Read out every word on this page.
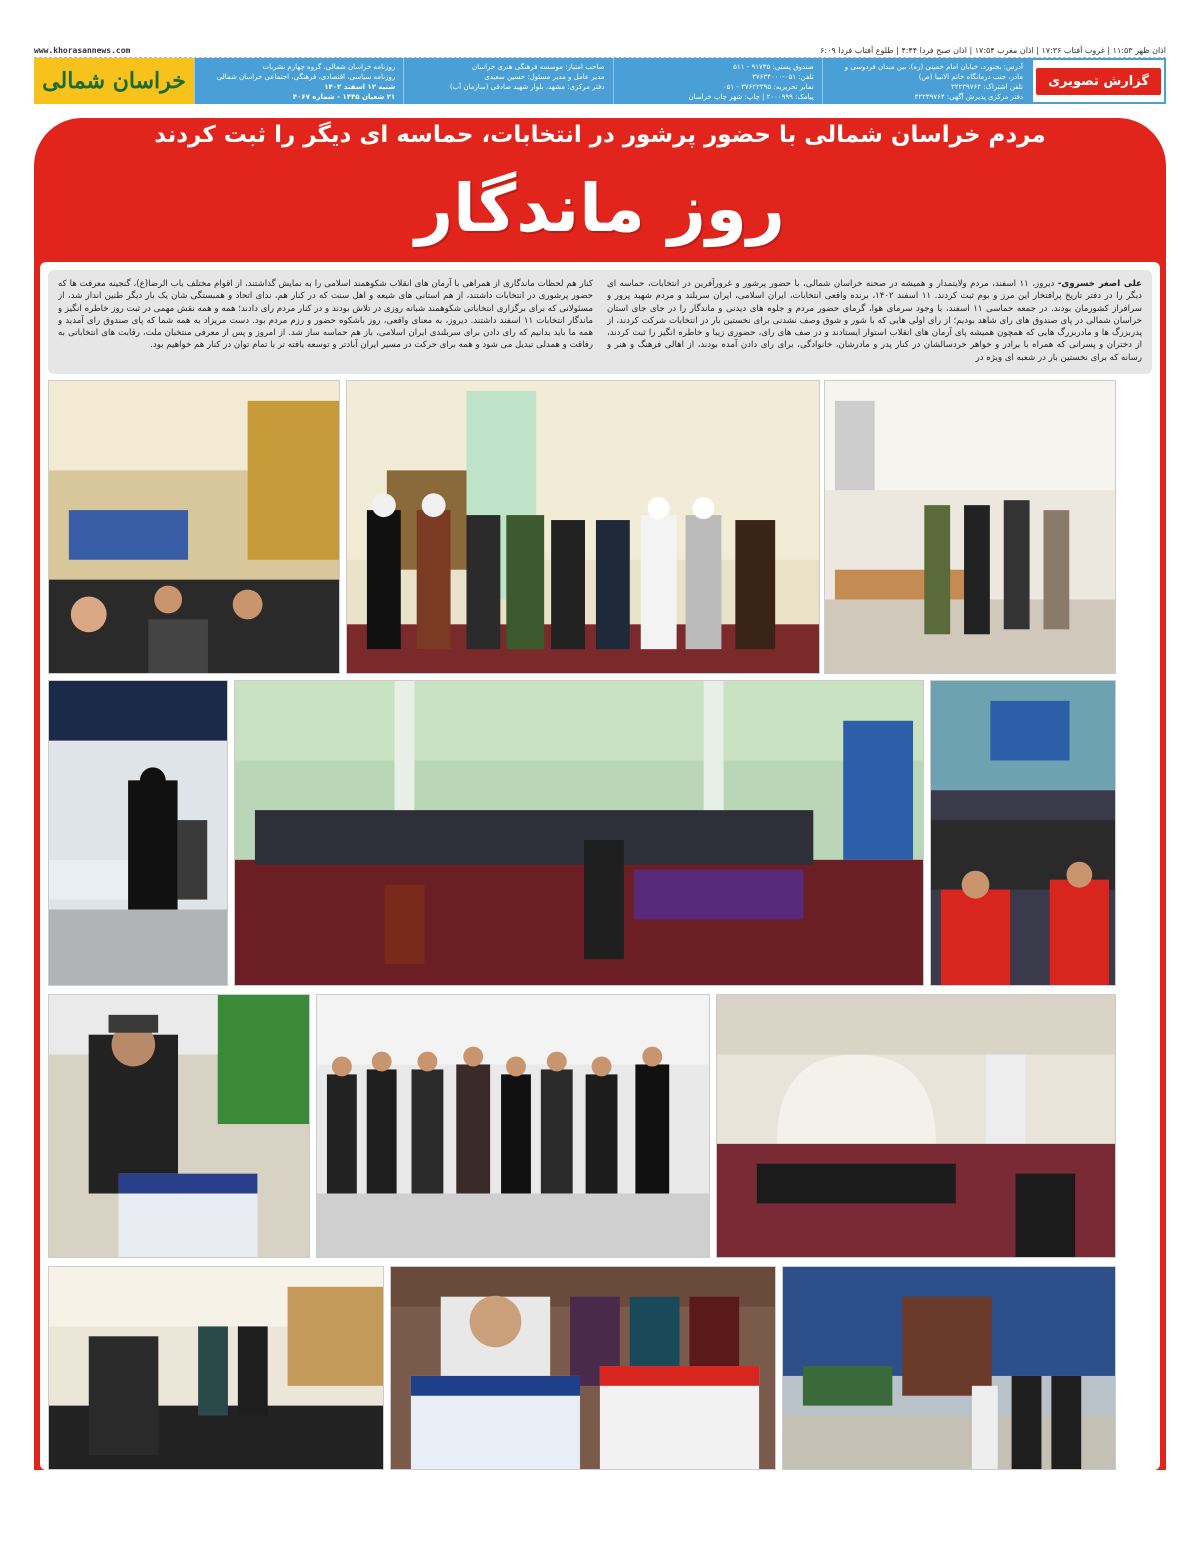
اذان ظهر ۱۱:۵۳ | غروب آفتاب ۱۷:۳۶ | اذان مغرب ۱۷:۵۴ | اذان صبح فردا ۴:۴۴ | طلوع آفتاب فردا ۶:۰۹
www.khorasannews.com
خراسان شمالی
روزنامه خراسان شمالی، گروه چهارم نشریات
روزنامه سیاسی، اقتصادی، فرهنگی، اجتماعی خراسان شمالی
شنبه ۱۲ اسفند ۱۴۰۲
۲۱ شعبان ۱۴۴۵ - شماره ۴۰۶۷
صاحب امتیاز: موسسه فرهنگی هنری خراسان
مدیر عامل و مدیر مسئول: حسین سعیدی
دفتر مرکزی: مشهد، بلوار شهید صادقی (سازمان آب)
صندوق پستی: ۹۱۷۳۵ - ۵۱۱
تلفن: ۰۵۱-۳۷۶۳۴۰۰۰
نمابر تحریریه: ۳۷۶۲۲۳۹۵ - ۰۵۱
پیامک: ۲۰۰۰۹۹۹ | چاپ: شهر چاپ خراسان
آدرس: بجنورد، خیابان امام خمینی (ره)، بین میدان فردوسی و مادر، جنب درمانگاه خاتم الانبیا (ص)
تلفن اشتراک: ۳۲۲۳۹۷۶۴
دفتر مرکزی پذیرش آگهی: ۳۲۲۳۹۷۶۴
گزارش تصویری
مردم خراسان شمالی با حضور پرشور در انتخابات، حماسه ای دیگر را ثبت کردند
روز ماندگار
علی اصغر خسروی- دیروز، ۱۱ اسفند، مردم ولایتمدار و همیشه در صحنه خراسان شمالی، با حضور پرشور و غرورآفرین در انتخابات، حماسه ای دیگر را در دفتر تاریخ پرافتخار این مرز و بوم ثبت کردند. ۱۱ اسفند ۱۴۰۲، برنده واقعی انتخابات، ایران اسلامی، ایران سربلند و مردم شهید پرور و سرافراز کشورمان بودند. در جمعه حماسی ۱۱ اسفند، با وجود سرمای هوا، گرمای حضور مردم و جلوه های دیدنی و ماندگار را در جای جای استان خراسان شمالی در پای صندوق های رای شاهد بودیم؛ از رای اولی هایی که با شور و شوق وصف نشدنی برای نخستین بار در انتخابات شرکت کردند، از پدربزرگ ها و مادربزرگ هایی که همچون همیشه پای آرمان های انقلاب استوار ایستادند و در صف های رای، حضوری زیبا و خاطره انگیز را ثبت کردند، از دختران و پسرانی که همراه با برادر و خواهر خردسالشان در کنار پدر و مادرشان، خانوادگی، برای رای دادن آمده بودند، از اهالی فرهنگ و هنر و رسانه که برای نخستین بار در شعبه ای ویژه در
کنار هم لحظات ماندگاری از همراهی با آرمان های انقلاب شکوهمند اسلامی را به نمایش گذاشتند، از اقوام مختلف باب الرضا(ع)، گنجینه معرفت ها که حضور پرشوری در انتخابات داشتند، از هم استانی های شیعه و اهل سنت که در کنار هم، ندای اتحاد و همبستگی شان یک بار دیگر طنین انداز شد، از مسئولانی که برای برگزاری انتخاباتی شکوهمند شبانه روزی در تلاش بودند و در کنار مردم رای دادند؛ همه و همه نقش مهمی در ثبت روز خاطره انگیز و ماندگار انتخابات ۱۱ اسفند داشتند. دیروز، به معنای واقعی، روز باشکوه حضور و رزم مردم بود. دست مریزاد به همه شما که پای صندوق رای آمدید و همه ما باید بدانیم که رای دادن برای سربلندی ایران اسلامی، باز هم حماسه ساز شد. از امروز و پس از معرفی منتخبان ملت، رقابت های انتخاباتی به رفاقت و همدلی تبدیل می شود و همه برای حرکت در مسیر ایران آبادتر و توسعه یافته تر با تمام توان در کنار هم خواهیم بود.
